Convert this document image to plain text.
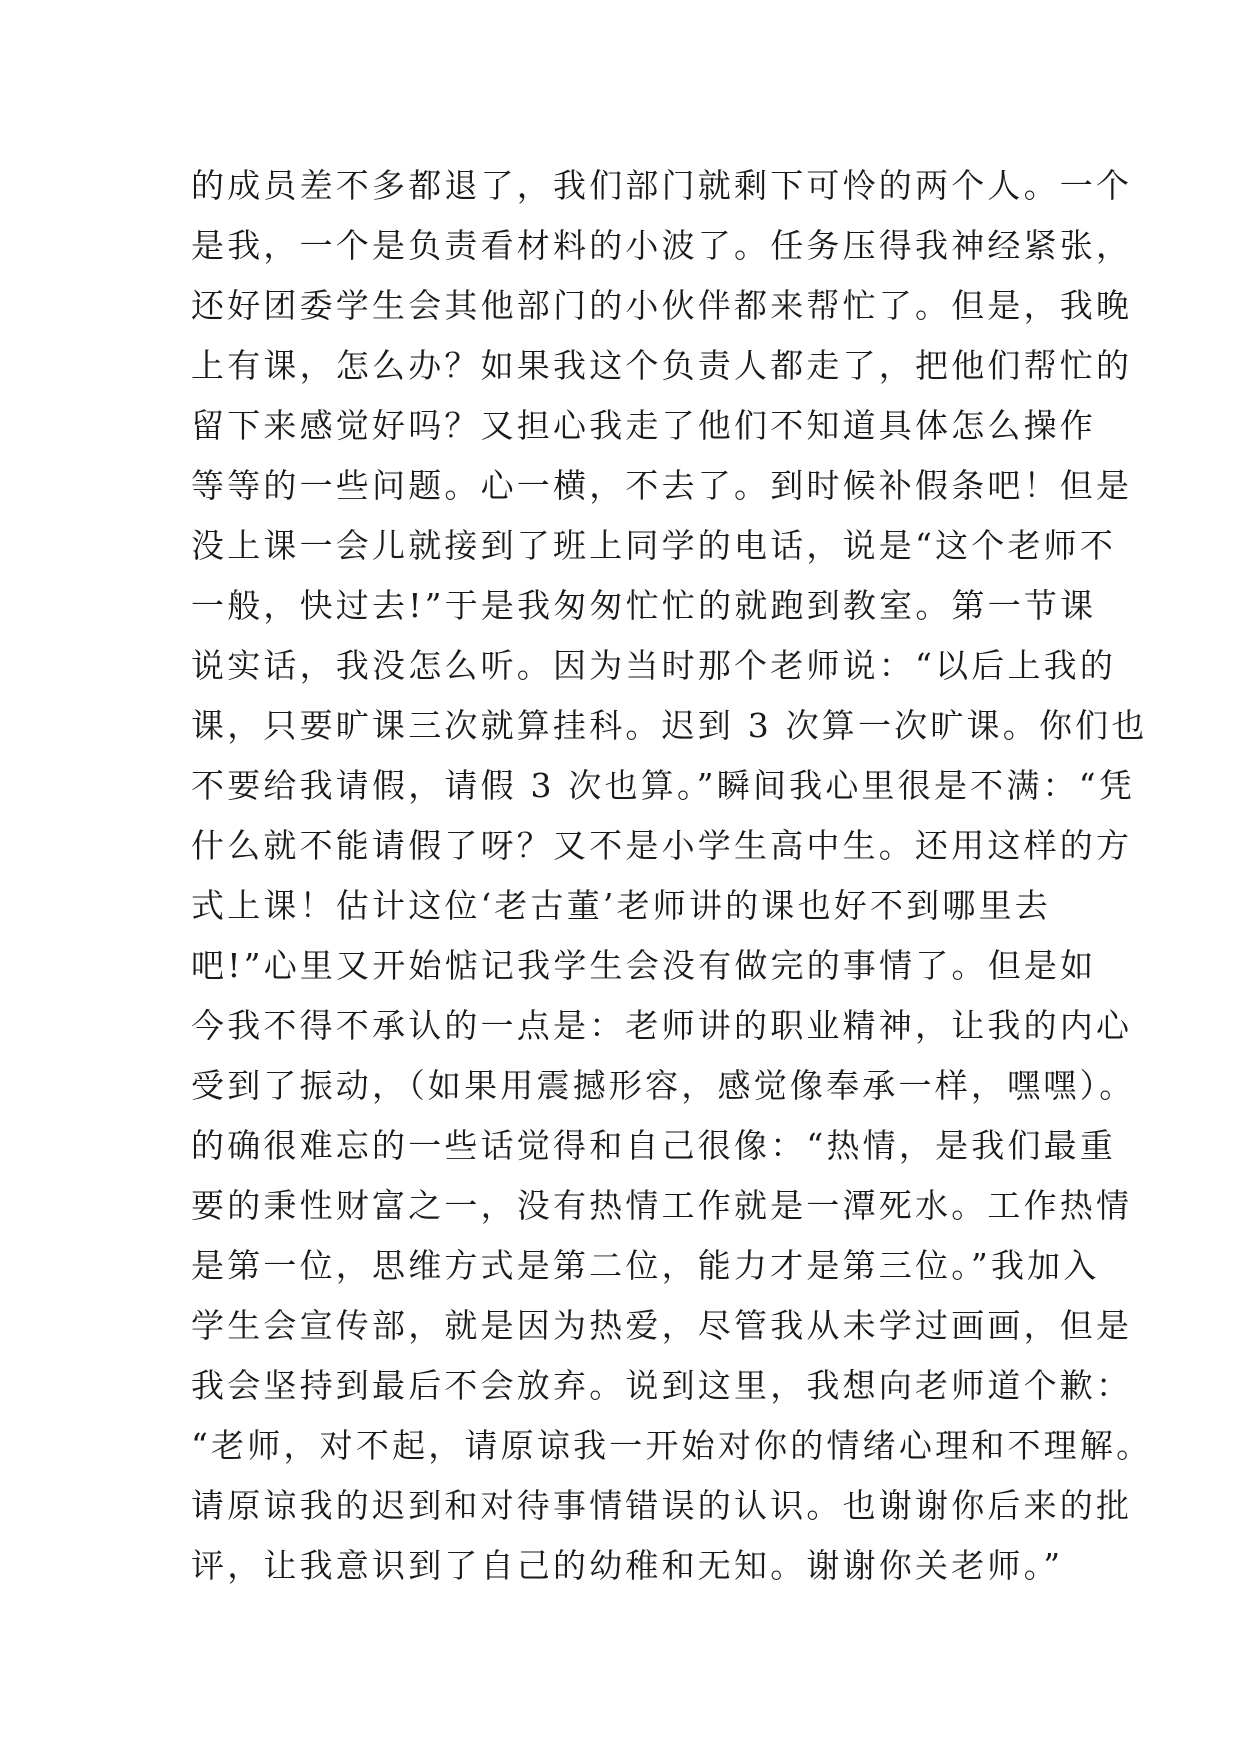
的成员差不多都退了，我们部门就剩下可怜的两个人。一个
是我，一个是负责看材料的小波了。任务压得我神经紧张，
还好团委学生会其他部门的小伙伴都来帮忙了。但是，我晚
上有课，怎么办？如果我这个负责人都走了，把他们帮忙的
留下来感觉好吗？又担心我走了他们不知道具体怎么操作
等等的一些问题。心一横，不去了。到时候补假条吧！但是
没上课一会儿就接到了班上同学的电话，说是“这个老师不
一般，快过去!”于是我匆匆忙忙的就跑到教室。第一节课
说实话，我没怎么听。因为当时那个老师说：“以后上我的
课，只要旷课三次就算挂科。迟到 3 次算一次旷课。你们也
不要给我请假，请假 3 次也算。”瞬间我心里很是不满：“凭
什么就不能请假了呀？又不是小学生高中生。还用这样的方
式上课！估计这位‘老古董’老师讲的课也好不到哪里去
吧!”心里又开始惦记我学生会没有做完的事情了。但是如
今我不得不承认的一点是：老师讲的职业精神，让我的内心
受到了振动，（如果用震撼形容，感觉像奉承一样，嘿嘿）。
的确很难忘的一些话觉得和自己很像：“热情，是我们最重
要的秉性财富之一，没有热情工作就是一潭死水。工作热情
是第一位，思维方式是第二位，能力才是第三位。”我加入
学生会宣传部，就是因为热爱，尽管我从未学过画画，但是
我会坚持到最后不会放弃。说到这里，我想向老师道个歉：
“老师，对不起，请原谅我一开始对你的情绪心理和不理解。
请原谅我的迟到和对待事情错误的认识。也谢谢你后来的批
评，让我意识到了自己的幼稚和无知。谢谢你关老师。”
